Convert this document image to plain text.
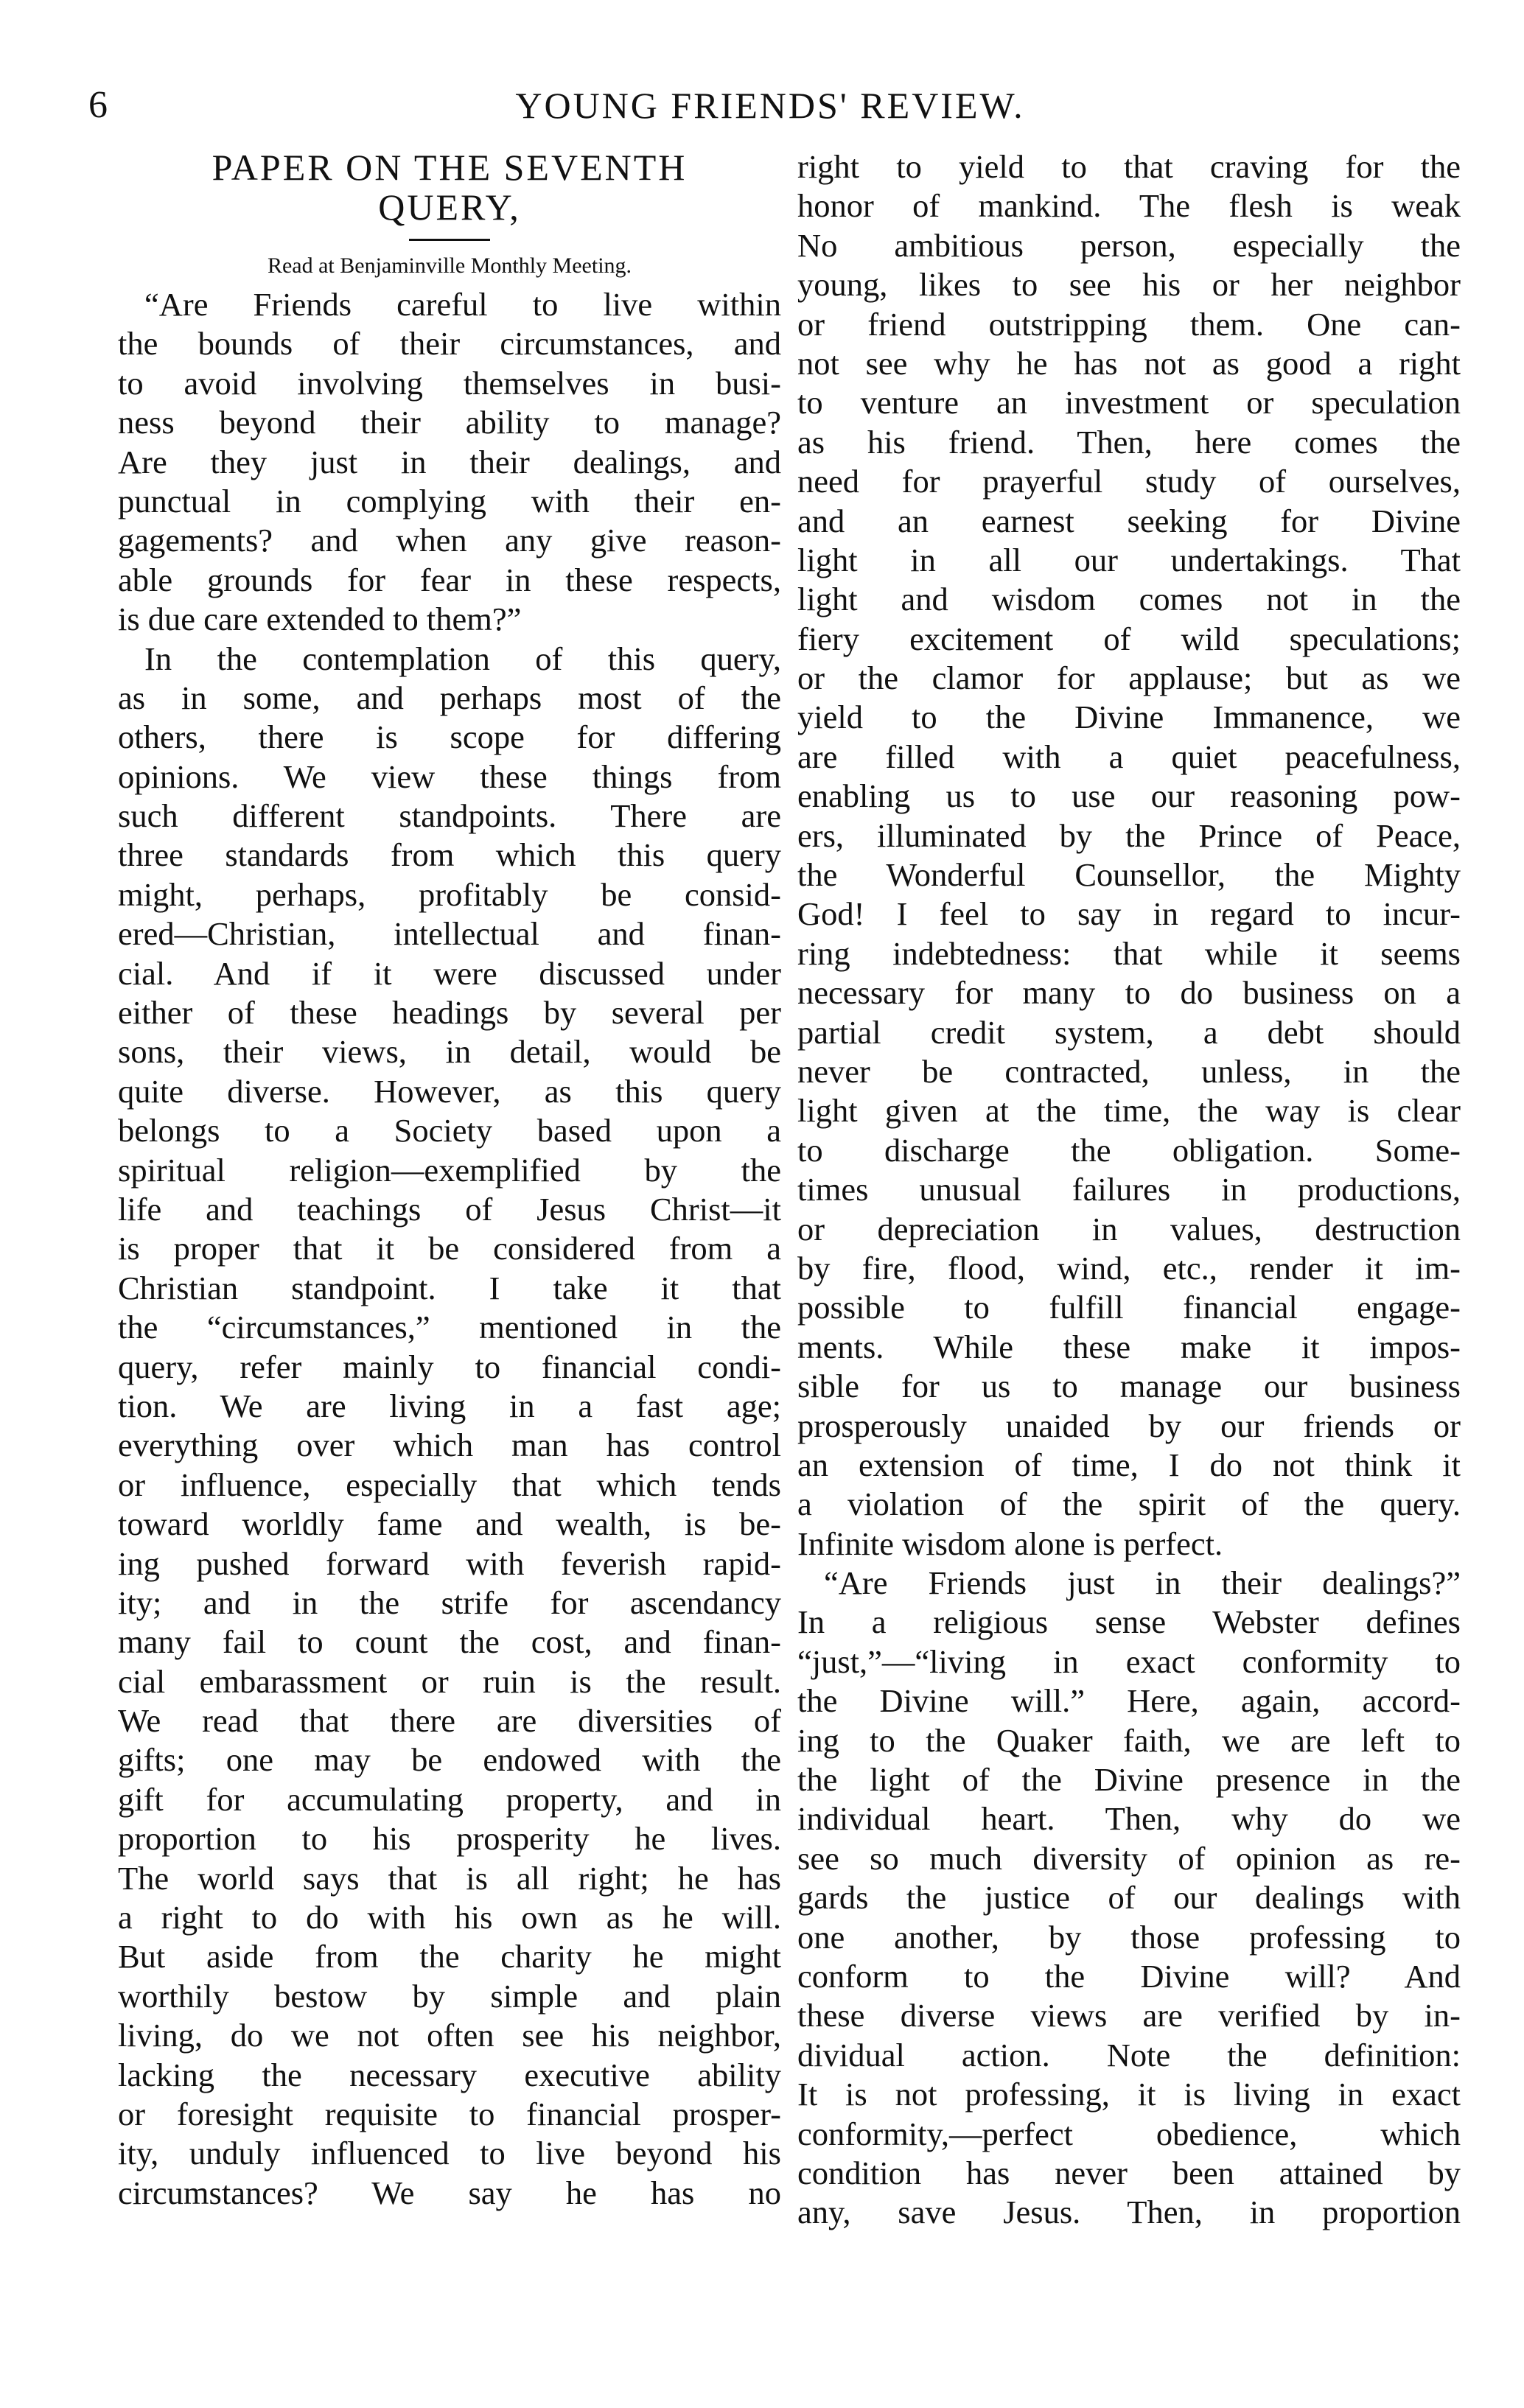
6	YOUNG FRIENDS' REVIEW.
PAPER ON THE SEVENTH
QUERY,
Read at Benjaminville Monthly Meeting.
“Are Friends careful to live within
the bounds of their circumstances, and
to avoid involving themselves in busi-
ness beyond their ability to manage?
Are they just in their dealings, and
punctual in complying with their en-
gagements? and when any give reason-
able grounds for fear in these respects,
is due care extended to them?”
In the contemplation of this query,
as in some, and perhaps most of the
others, there is scope for differing
opinions. We view these things from
such different standpoints. There are
three standards from which this query
might, perhaps, profitably be consid-
ered—Christian, intellectual and finan-
cial. And if it were discussed under
either of these headings by several per
sons, their views, in detail, would be
quite diverse. However, as this query
belongs to a Society based upon a
spiritual religion—exemplified by the
life and teachings of Jesus Christ—it
is proper that it be considered from a
Christian standpoint. I take it that
the “circumstances,” mentioned in the
query, refer mainly to financial condi-
tion. We are living in a fast age;
everything over which man has control
or influence, especially that which tends
toward worldly fame and wealth, is be-
ing pushed forward with feverish rapid-
ity; and in the strife for ascendancy
many fail to count the cost, and finan-
cial embarassment or ruin is the result.
We read that there are diversities of
gifts; one may be endowed with the
gift for accumulating property, and in
proportion to his prosperity he lives.
The world says that is all right; he has
a right to do with his own as he will.
But aside from the charity he might
worthily bestow by simple and plain
living, do we not often see his neighbor,
lacking the necessary executive ability
or foresight requisite to financial prosper-
ity, unduly influenced to live beyond his
circumstances? We say he has no
right to yield to that craving for the
honor of mankind. The flesh is weak
No ambitious person, especially the
young, likes to see his or her neighbor
or friend outstripping them. One can-
not see why he has not as good a right
to venture an investment or speculation
as his friend. Then, here comes the
need for prayerful study of ourselves,
and an earnest seeking for Divine
light in all our undertakings. That
light and wisdom comes not in the
fiery excitement of wild speculations;
or the clamor for applause; but as we
yield to the Divine Immanence, we
are filled with a quiet peacefulness,
enabling us to use our reasoning pow-
ers, illuminated by the Prince of Peace,
the Wonderful Counsellor, the Mighty
God! I feel to say in regard to incur-
ring indebtedness: that while it seems
necessary for many to do business on a
partial credit system, a debt should
never be contracted, unless, in the
light given at the time, the way is clear
to discharge the obligation. Some-
times unusual failures in productions,
or depreciation in values, destruction
by fire, flood, wind, etc., render it im-
possible to fulfill financial engage-
ments. While these make it impos-
sible for us to manage our business
prosperously unaided by our friends or
an extension of time, I do not think it
a violation of the spirit of the query.
Infinite wisdom alone is perfect.
“Are Friends just in their dealings?”
In a religious sense Webster defines
“just,”—“living in exact conformity to
the Divine will.” Here, again, accord-
ing to the Quaker faith, we are left to
the light of the Divine presence in the
individual heart. Then, why do we
see so much diversity of opinion as re-
gards the justice of our dealings with
one another, by those professing to
conform to the Divine will? And
these diverse views are verified by in-
dividual action. Note the definition:
It is not professing, it is living in exact
conformity,—perfect obedience, which
condition has never been attained by
any, save Jesus. Then, in proportion
